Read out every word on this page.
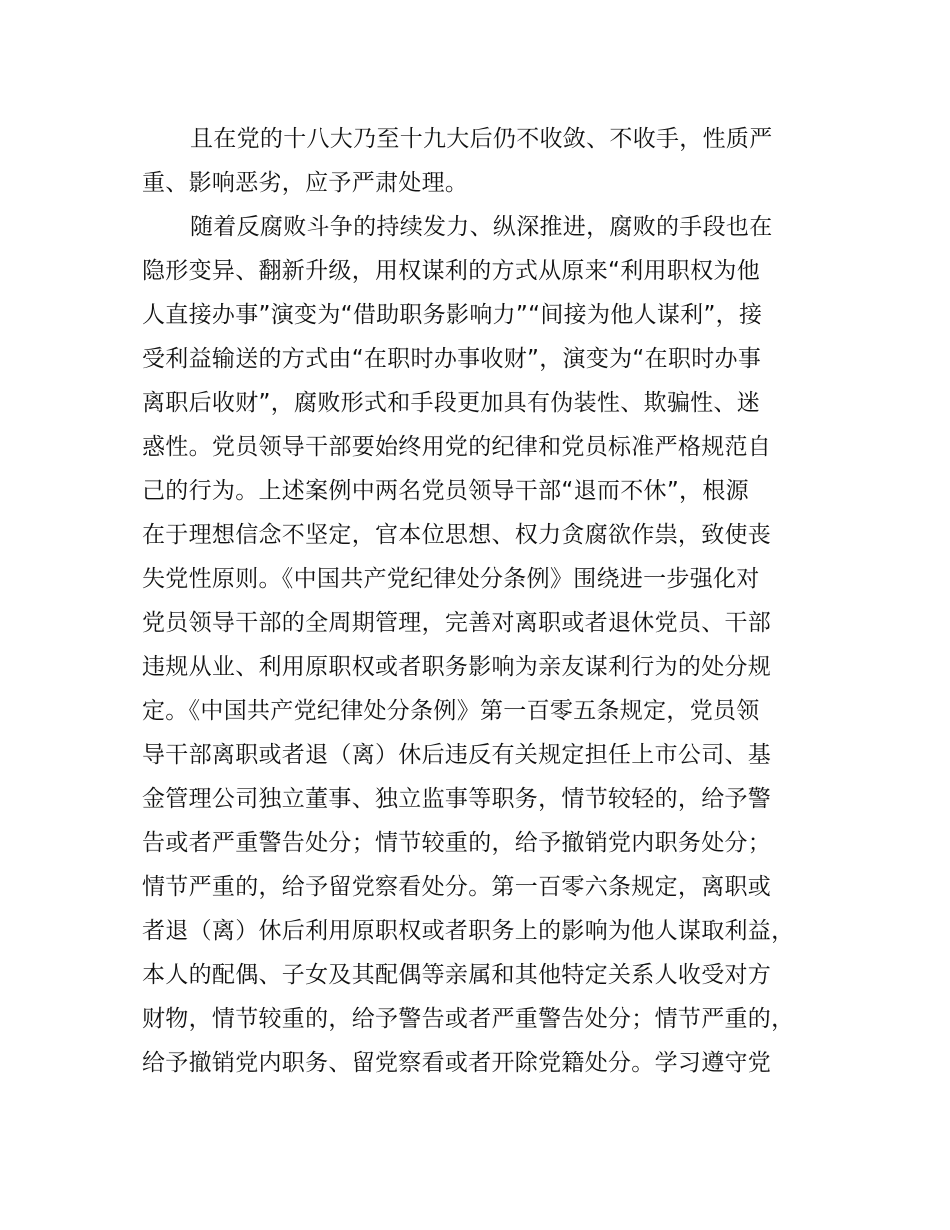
且在党的十八大乃至十九大后仍不收敛、不收手，性质严
重、影响恶劣，应予严肃处理。
随着反腐败斗争的持续发力、纵深推进，腐败的手段也在
隐形变异、翻新升级，用权谋利的方式从原来“利用职权为他
人直接办事”演变为“借助职务影响力”“间接为他人谋利”，接
受利益输送的方式由“在职时办事收财”，演变为“在职时办事
离职后收财”，腐败形式和手段更加具有伪装性、欺骗性、迷
惑性。党员领导干部要始终用党的纪律和党员标准严格规范自
己的行为。上述案例中两名党员领导干部“退而不休”，根源
在于理想信念不坚定，官本位思想、权力贪腐欲作祟，致使丧
失党性原则。《中国共产党纪律处分条例》围绕进一步强化对
党员领导干部的全周期管理，完善对离职或者退休党员、干部
违规从业、利用原职权或者职务影响为亲友谋利行为的处分规
定。《中国共产党纪律处分条例》第一百零五条规定，党员领
导干部离职或者退（离）休后违反有关规定担任上市公司、基
金管理公司独立董事、独立监事等职务，情节较轻的，给予警
告或者严重警告处分；情节较重的，给予撤销党内职务处分；
情节严重的，给予留党察看处分。第一百零六条规定，离职或
者退（离）休后利用原职权或者职务上的影响为他人谋取利益，
本人的配偶、子女及其配偶等亲属和其他特定关系人收受对方
财物，情节较重的，给予警告或者严重警告处分；情节严重的，
给予撤销党内职务、留党察看或者开除党籍处分。学习遵守党
